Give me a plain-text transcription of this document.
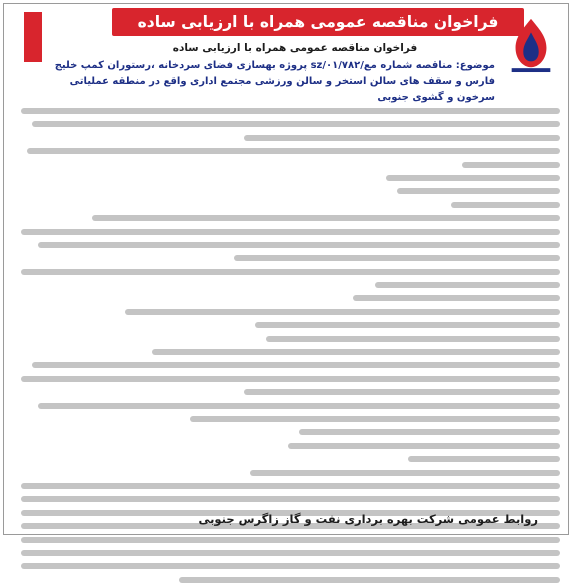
فراخوان مناقصه عمومی همراه با ارزیابی ساده
فراخوان مناقصه عمومی همراه با ارزیابی ساده
موضوع: مناقصه شماره مع/sz/۰۱/۷۸۲ پروژه بهسازی فضای سردخانه ،رستوران کمپ خلیج فارس و سقف های سالن استخر و سالن ورزشی مجتمع اداری واقع در منطقه عملیاتی سرخون و گشوی جنوبی
روابط عمومی شرکت بهره برداری نفت و گاز زاگرس جنوبی
